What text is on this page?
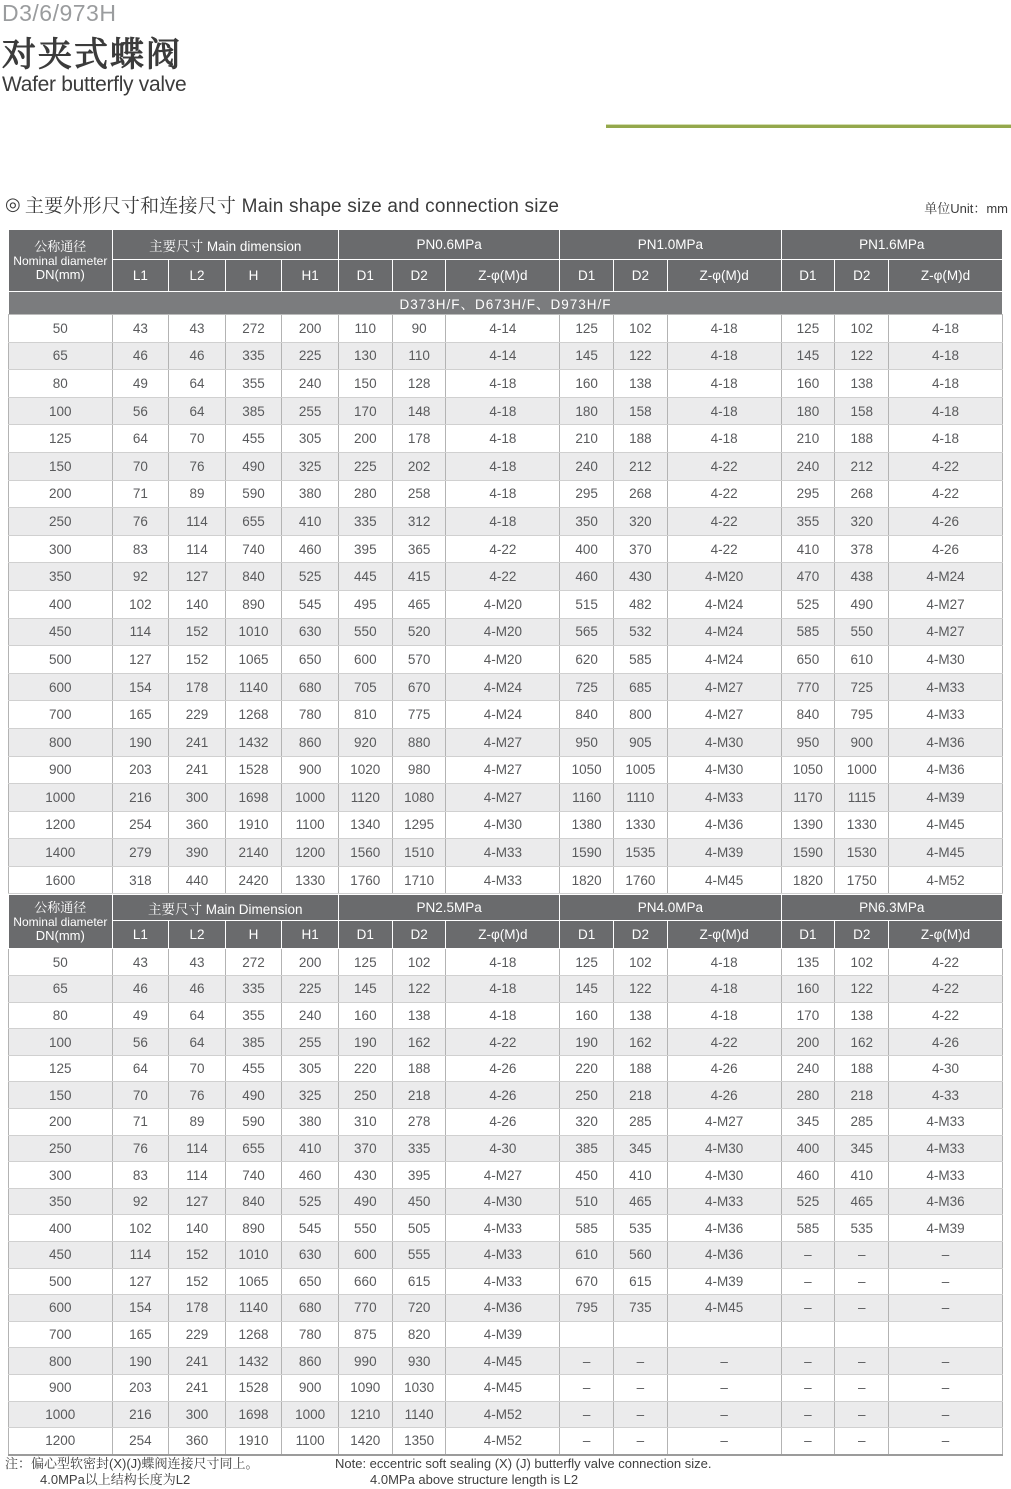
D3/6/973H
对夹式蝶阀
Wafer butterfly valve
◎ 主要外形尺寸和连接尺寸 Main shape size and connection size	单位Unit：mm
公称通径
Nominal diameter
DN(mm)	主要尺寸 Main dimension				PN0.6MPa			PN1.0MPa			PN1.6MPa		
	L1	L2	H	H1	D1	D2	Z-φ(M)d	D1	D2	Z-φ(M)d	D1	D2	Z-φ(M)d
D373H/F、D673H/F、D973H/F													
50	43	43	272	200	110	90	4-14	125	102	4-18	125	102	4-18
65	46	46	335	225	130	110	4-14	145	122	4-18	145	122	4-18
80	49	64	355	240	150	128	4-18	160	138	4-18	160	138	4-18
100	56	64	385	255	170	148	4-18	180	158	4-18	180	158	4-18
125	64	70	455	305	200	178	4-18	210	188	4-18	210	188	4-18
150	70	76	490	325	225	202	4-18	240	212	4-22	240	212	4-22
200	71	89	590	380	280	258	4-18	295	268	4-22	295	268	4-22
250	76	114	655	410	335	312	4-18	350	320	4-22	355	320	4-26
300	83	114	740	460	395	365	4-22	400	370	4-22	410	378	4-26
350	92	127	840	525	445	415	4-22	460	430	4-M20	470	438	4-M24
400	102	140	890	545	495	465	4-M20	515	482	4-M24	525	490	4-M27
450	114	152	1010	630	550	520	4-M20	565	532	4-M24	585	550	4-M27
500	127	152	1065	650	600	570	4-M20	620	585	4-M24	650	610	4-M30
600	154	178	1140	680	705	670	4-M24	725	685	4-M27	770	725	4-M33
700	165	229	1268	780	810	775	4-M24	840	800	4-M27	840	795	4-M33
800	190	241	1432	860	920	880	4-M27	950	905	4-M30	950	900	4-M36
900	203	241	1528	900	1020	980	4-M27	1050	1005	4-M30	1050	1000	4-M36
1000	216	300	1698	1000	1120	1080	4-M27	1160	1110	4-M33	1170	1115	4-M39
1200	254	360	1910	1100	1340	1295	4-M30	1380	1330	4-M36	1390	1330	4-M45
1400	279	390	2140	1200	1560	1510	4-M33	1590	1535	4-M39	1590	1530	4-M45
1600	318	440	2420	1330	1760	1710	4-M33	1820	1760	4-M45	1820	1750	4-M52
公称通径
Nominal diameter
DN(mm)	主要尺寸 Main Dimension				PN2.5MPa			PN4.0MPa			PN6.3MPa		
	L1	L2	H	H1	D1	D2	Z-φ(M)d	D1	D2	Z-φ(M)d	D1	D2	Z-φ(M)d
50	43	43	272	200	125	102	4-18	125	102	4-18	135	102	4-22
65	46	46	335	225	145	122	4-18	145	122	4-18	160	122	4-22
80	49	64	355	240	160	138	4-18	160	138	4-18	170	138	4-22
100	56	64	385	255	190	162	4-22	190	162	4-22	200	162	4-26
125	64	70	455	305	220	188	4-26	220	188	4-26	240	188	4-30
150	70	76	490	325	250	218	4-26	250	218	4-26	280	218	4-33
200	71	89	590	380	310	278	4-26	320	285	4-M27	345	285	4-M33
250	76	114	655	410	370	335	4-30	385	345	4-M30	400	345	4-M33
300	83	114	740	460	430	395	4-M27	450	410	4-M30	460	410	4-M33
350	92	127	840	525	490	450	4-M30	510	465	4-M33	525	465	4-M36
400	102	140	890	545	550	505	4-M33	585	535	4-M36	585	535	4-M39
450	114	152	1010	630	600	555	4-M33	610	560	4-M36	–	–	–
500	127	152	1065	650	660	615	4-M33	670	615	4-M39	–	–	–
600	154	178	1140	680	770	720	4-M36	795	735	4-M45	–	–	–
700	165	229	1268	780	875	820	4-M39						
800	190	241	1432	860	990	930	4-M45	–	–	–	–	–	–
900	203	241	1528	900	1090	1030	4-M45	–	–	–	–	–	–
1000	216	300	1698	1000	1210	1140	4-M52	–	–	–	–	–	–
1200	254	360	1910	1100	1420	1350	4-M52	–	–	–	–	–	–
注：偏心型软密封(X)(J)蝶阀连接尺寸同上。
4.0MPa以上结构长度为L2
Note: eccentric soft sealing (X) (J) butterfly valve connection size.
4.0MPa above structure length is L2
